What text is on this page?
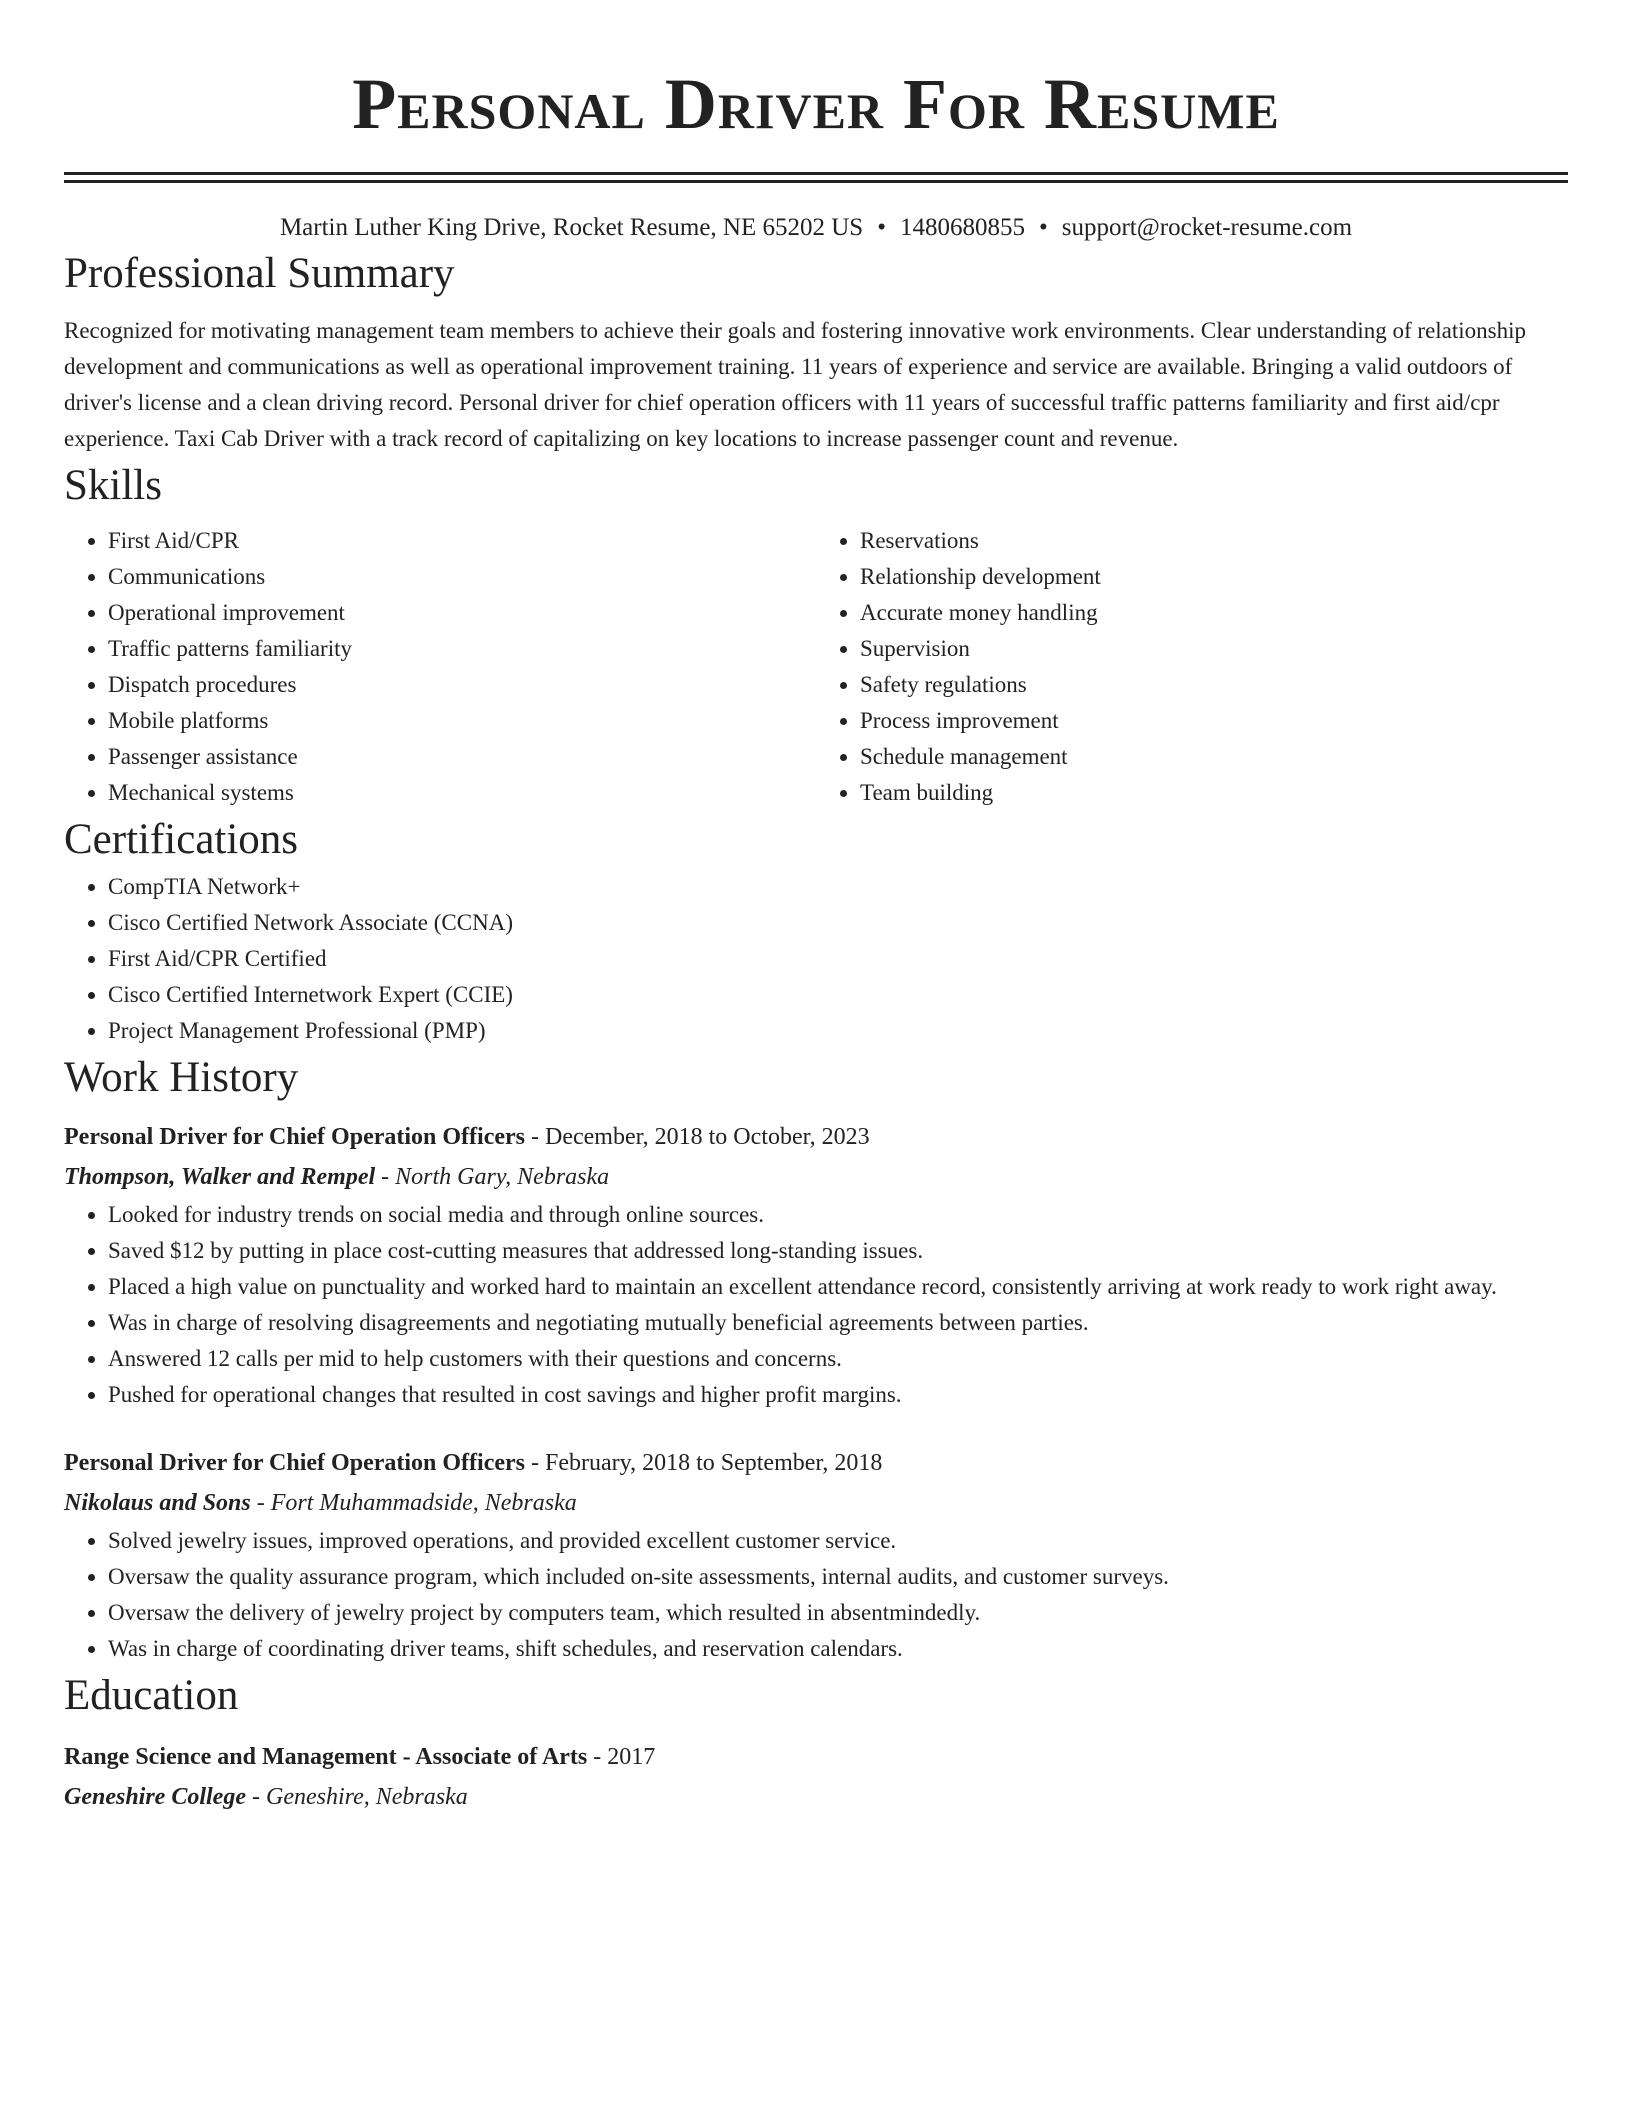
Personal Driver For Resume
Martin Luther King Drive, Rocket Resume, NE 65202 US • 1480680855 • support@rocket-resume.com
Professional Summary

Recognized for motivating management team members to achieve their goals and fostering innovative work environments. Clear understanding of relationship development and communications as well as operational improvement training. 11 years of experience and service are available. Bringing a valid outdoors of driver's license and a clean driving record. Personal driver for chief operation officers with 11 years of successful traffic patterns familiarity and first aid/cpr experience. Taxi Cab Driver with a track record of capitalizing on key locations to increase passenger count and revenue.

Skills
• First Aid/CPR
• Communications
• Operational improvement
• Traffic patterns familiarity
• Dispatch procedures
• Mobile platforms
• Passenger assistance
• Mechanical systems
• Reservations
• Relationship development
• Accurate money handling
• Supervision
• Safety regulations
• Process improvement
• Schedule management
• Team building
Certifications
• CompTIA Network+
• Cisco Certified Network Associate (CCNA)
• First Aid/CPR Certified
• Cisco Certified Internetwork Expert (CCIE)
• Project Management Professional (PMP)
Work History
Personal Driver for Chief Operation Officers - December, 2018 to October, 2023
Thompson, Walker and Rempel - North Gary, Nebraska
• Looked for industry trends on social media and through online sources.
• Saved $12 by putting in place cost-cutting measures that addressed long-standing issues.
• Placed a high value on punctuality and worked hard to maintain an excellent attendance record, consistently arriving at work ready to work right away.
• Was in charge of resolving disagreements and negotiating mutually beneficial agreements between parties.
• Answered 12 calls per mid to help customers with their questions and concerns.
• Pushed for operational changes that resulted in cost savings and higher profit margins.
Personal Driver for Chief Operation Officers - February, 2018 to September, 2018
Nikolaus and Sons - Fort Muhammadside, Nebraska
• Solved jewelry issues, improved operations, and provided excellent customer service.
• Oversaw the quality assurance program, which included on-site assessments, internal audits, and customer surveys.
• Oversaw the delivery of jewelry project by computers team, which resulted in absentmindedly.
• Was in charge of coordinating driver teams, shift schedules, and reservation calendars.
Education
Range Science and Management - Associate of Arts - 2017
Geneshire College - Geneshire, Nebraska
